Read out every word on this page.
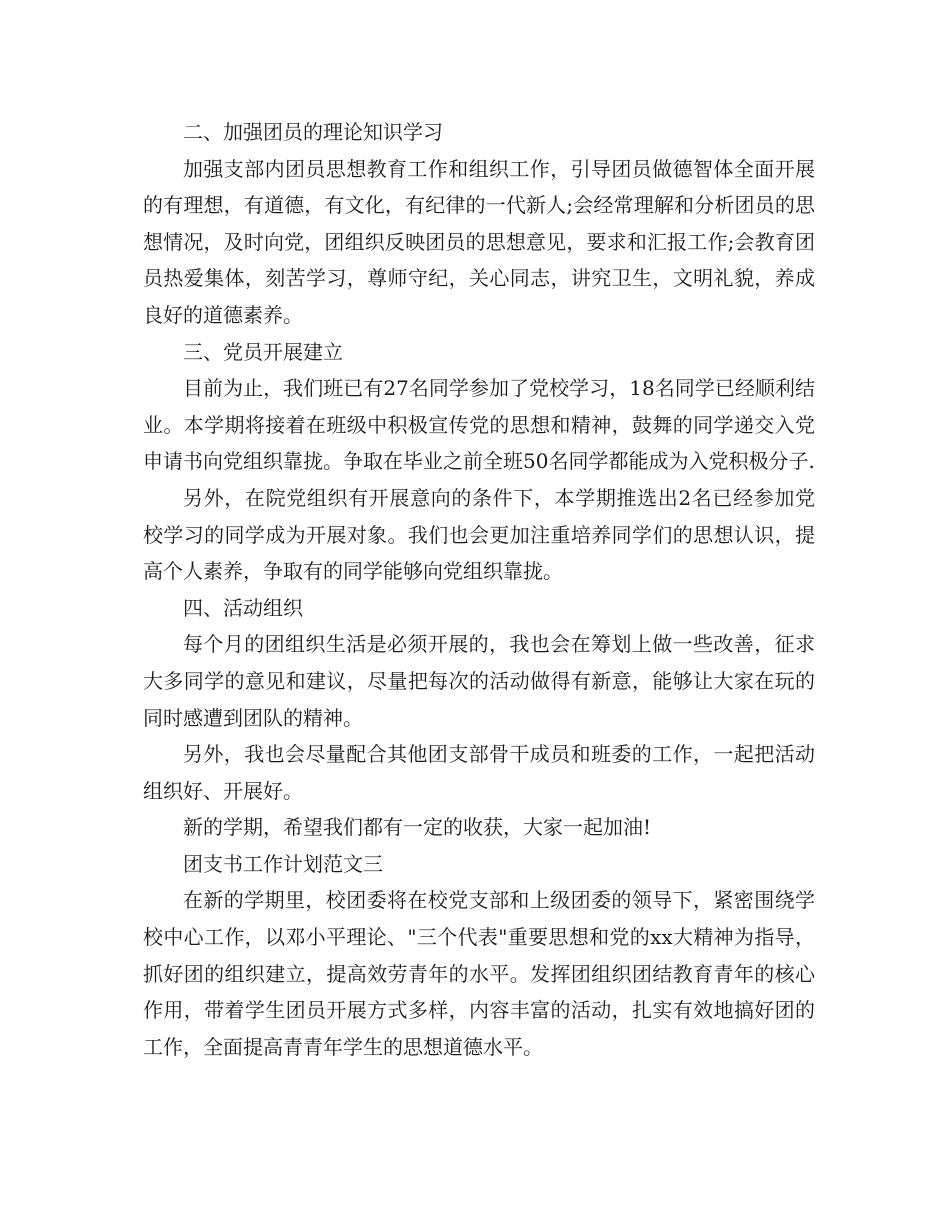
二、加强团员的理论知识学习

加强支部内团员思想教育工作和组织工作，引导团员做德智体全面开展的有理想，有道德，有文化，有纪律的一代新人;会经常理解和分析团员的思想情况，及时向党，团组织反映团员的思想意见，要求和汇报工作;会教育团员热爱集体，刻苦学习，尊师守纪，关心同志，讲究卫生，文明礼貌，养成良好的道德素养。

三、党员开展建立

目前为止，我们班已有27名同学参加了党校学习，18名同学已经顺利结业。本学期将接着在班级中积极宣传党的思想和精神，鼓舞的同学递交入党申请书向党组织靠拢。争取在毕业之前全班50名同学都能成为入党积极分子.

另外，在院党组织有开展意向的条件下，本学期推选出2名已经参加党校学习的同学成为开展对象。我们也会更加注重培养同学们的思想认识，提高个人素养，争取有的同学能够向党组织靠拢。

四、活动组织

每个月的团组织生活是必须开展的，我也会在筹划上做一些改善，征求大多同学的意见和建议，尽量把每次的活动做得有新意，能够让大家在玩的同时感遭到团队的精神。

另外，我也会尽量配合其他团支部骨干成员和班委的工作，一起把活动组织好、开展好。

新的学期，希望我们都有一定的收获，大家一起加油!

团支书工作计划范文三

在新的学期里，校团委将在校党支部和上级团委的领导下，紧密围绕学校中心工作，以邓小平理论、"三个代表"重要思想和党的xx大精神为指导，抓好团的组织建立，提高效劳青年的水平。发挥团组织团结教育青年的核心作用，带着学生团员开展方式多样，内容丰富的活动，扎实有效地搞好团的工作，全面提高青青年学生的思想道德水平。
